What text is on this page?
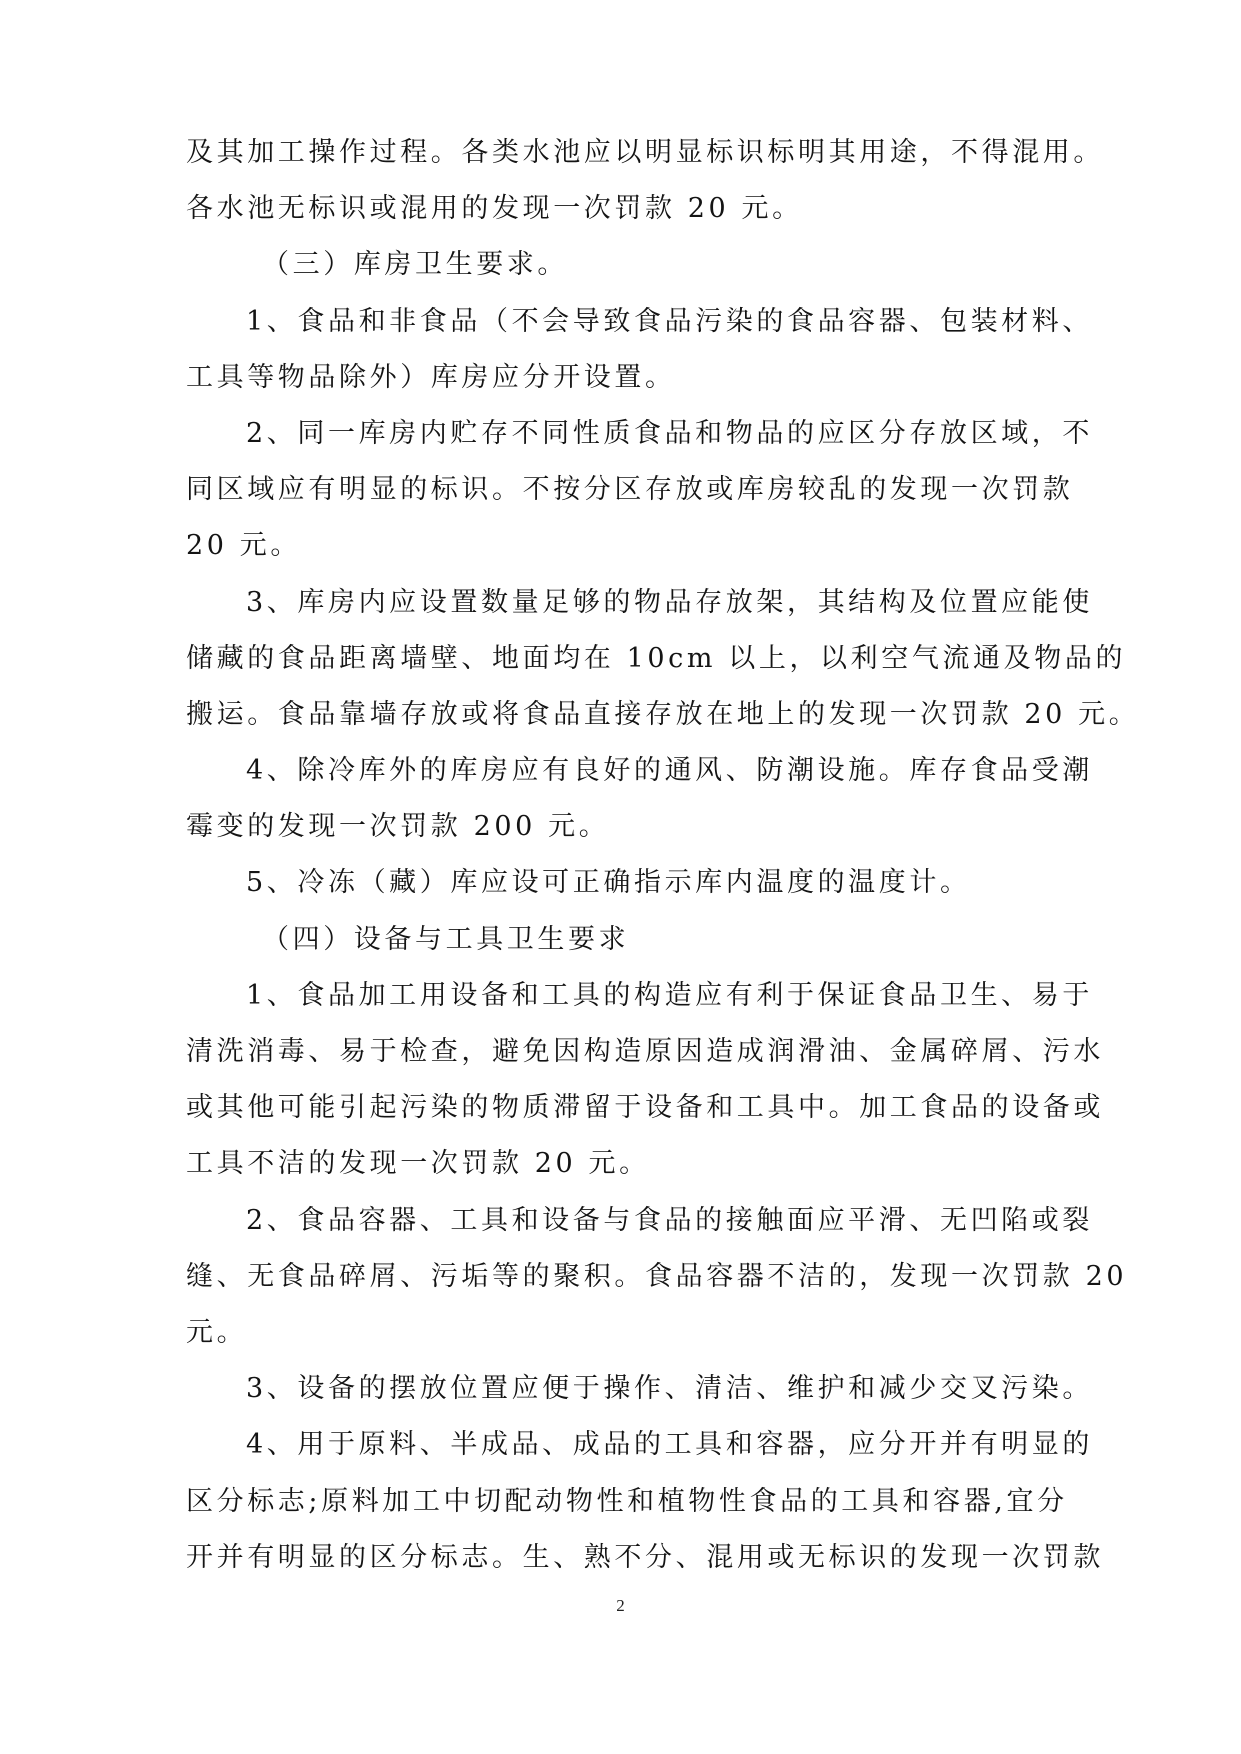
及其加工操作过程。各类水池应以明显标识标明其用途，不得混用。
各水池无标识或混用的发现一次罚款 20 元。
（三）库房卫生要求。
1、食品和非食品（不会导致食品污染的食品容器、包装材料、
工具等物品除外）库房应分开设置。
2、同一库房内贮存不同性质食品和物品的应区分存放区域，不
同区域应有明显的标识。不按分区存放或库房较乱的发现一次罚款
20 元。
3、库房内应设置数量足够的物品存放架，其结构及位置应能使
储藏的食品距离墙壁、地面均在 10cm 以上，以利空气流通及物品的
搬运。食品靠墙存放或将食品直接存放在地上的发现一次罚款 20 元。
4、除冷库外的库房应有良好的通风、防潮设施。库存食品受潮
霉变的发现一次罚款 200 元。
5、冷冻（藏）库应设可正确指示库内温度的温度计。
（四）设备与工具卫生要求
1、食品加工用设备和工具的构造应有利于保证食品卫生、易于
清洗消毒、易于检查，避免因构造原因造成润滑油、金属碎屑、污水
或其他可能引起污染的物质滞留于设备和工具中。加工食品的设备或
工具不洁的发现一次罚款 20 元。
2、食品容器、工具和设备与食品的接触面应平滑、无凹陷或裂
缝、无食品碎屑、污垢等的聚积。食品容器不洁的，发现一次罚款 20
元。
3、设备的摆放位置应便于操作、清洁、维护和减少交叉污染。
4、用于原料、半成品、成品的工具和容器，应分开并有明显的
区分标志;原料加工中切配动物性和植物性食品的工具和容器,宜分
开并有明显的区分标志。生、熟不分、混用或无标识的发现一次罚款
2
